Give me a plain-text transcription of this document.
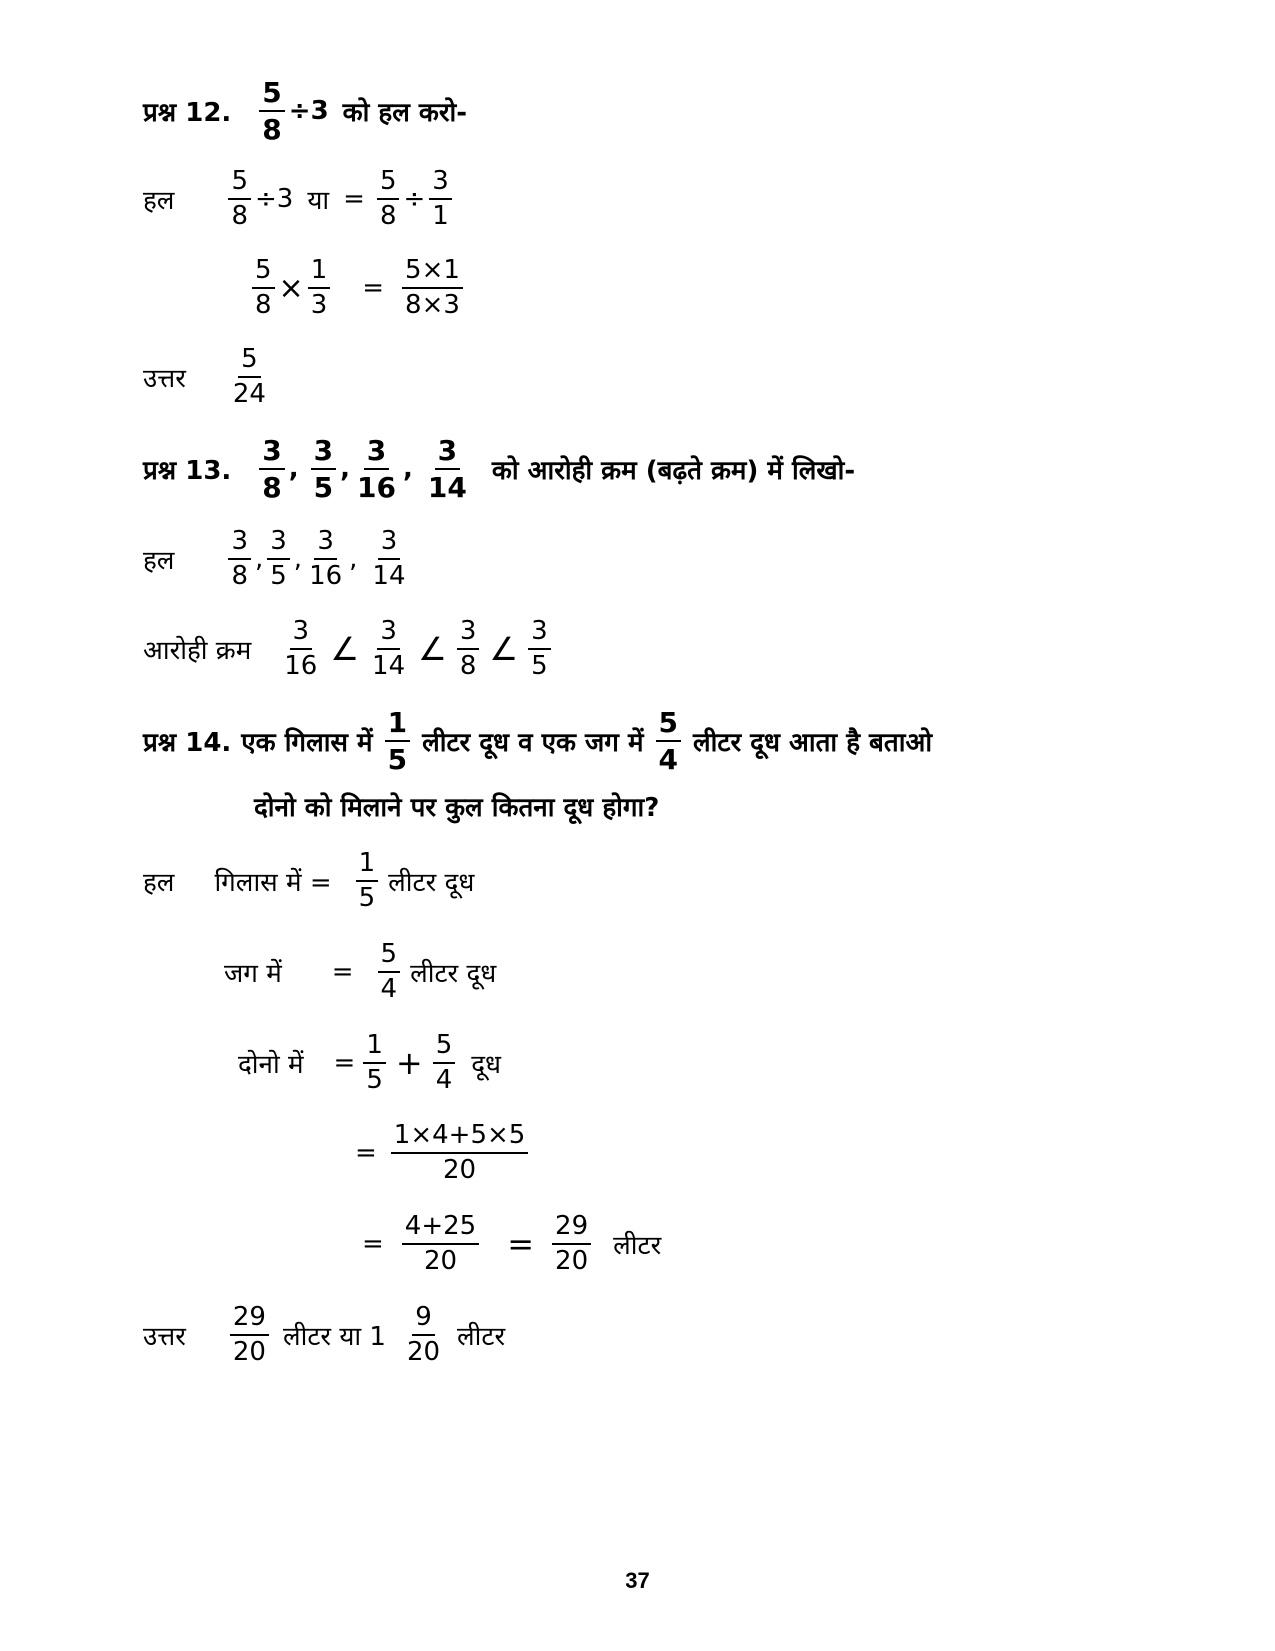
प्रश्न 12. $\frac{5}{8} \div 3$ को हल करो-
हल $\frac{5}{8} \div 3$ या = $\frac{5}{8} \div \frac{3}{1}$
$\frac{5}{8} \times \frac{1}{3}$ =
5×1
8×3
उत्तर
5
24
प्रश्न 13.
3
8
,
3
5
,
3
16
,
3
14 को आरोही क्रम (बढ़ते क्रम) में लिखो-
हल
3
8
,
3
5
,
3
16
,
3
14
आरोही क्रम
3
16 ∠ 3
14 ∠ 3
8 ∠ 3
5
प्रश्न 14. एक गिलास में
1
5 लीटर दूध व एक जग में
5
4 लीटर दूध आता है बताओ
दोनो को मिलाने पर कुल कितना दूध होगा?
हल गिलास में =
1
5 लीटर दूध
जग में =
5
4 लीटर दूध
दोनो में =
1
$5 + \frac{5}{4}$ दूध
=
1×4+5×5
20
=
4+25
20 = 29
20 लीटर
उत्तर
29
20 लीटर या 1
9
20 लीटर
37
